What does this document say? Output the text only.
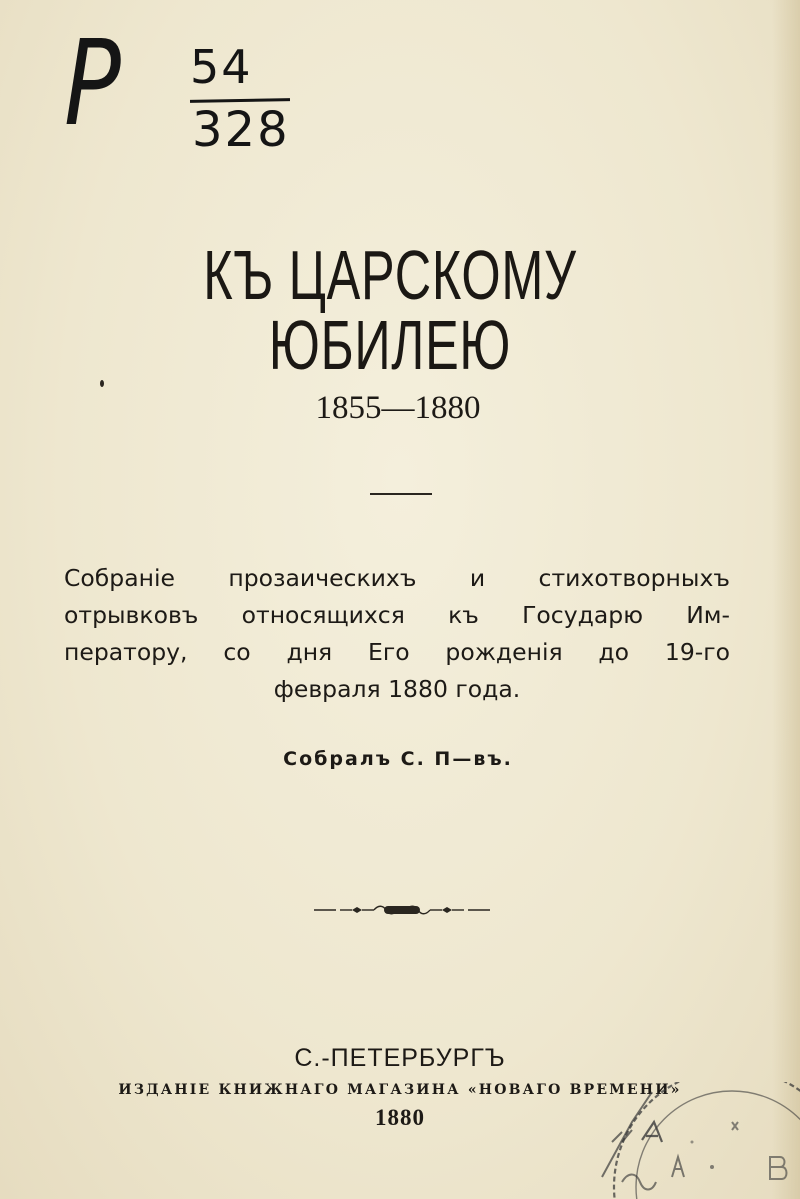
Р 54
328
КЪ ЦАРСКОМУ ЮБИЛЕЮ
1855—1880
Собраніе прозаическихъ и стихотворныхъ
отрывковъ относящихся къ Государю Им-
ператору, со дня Его рожденія до 19-го
февраля 1880 года.
Собралъ С. П—въ.
С.-ПЕТЕРБУРГЪ
ИЗДАНІЕ КНИЖНАГО МАГАЗИНА «НОВАГО ВРЕМЕНИ»
1880
